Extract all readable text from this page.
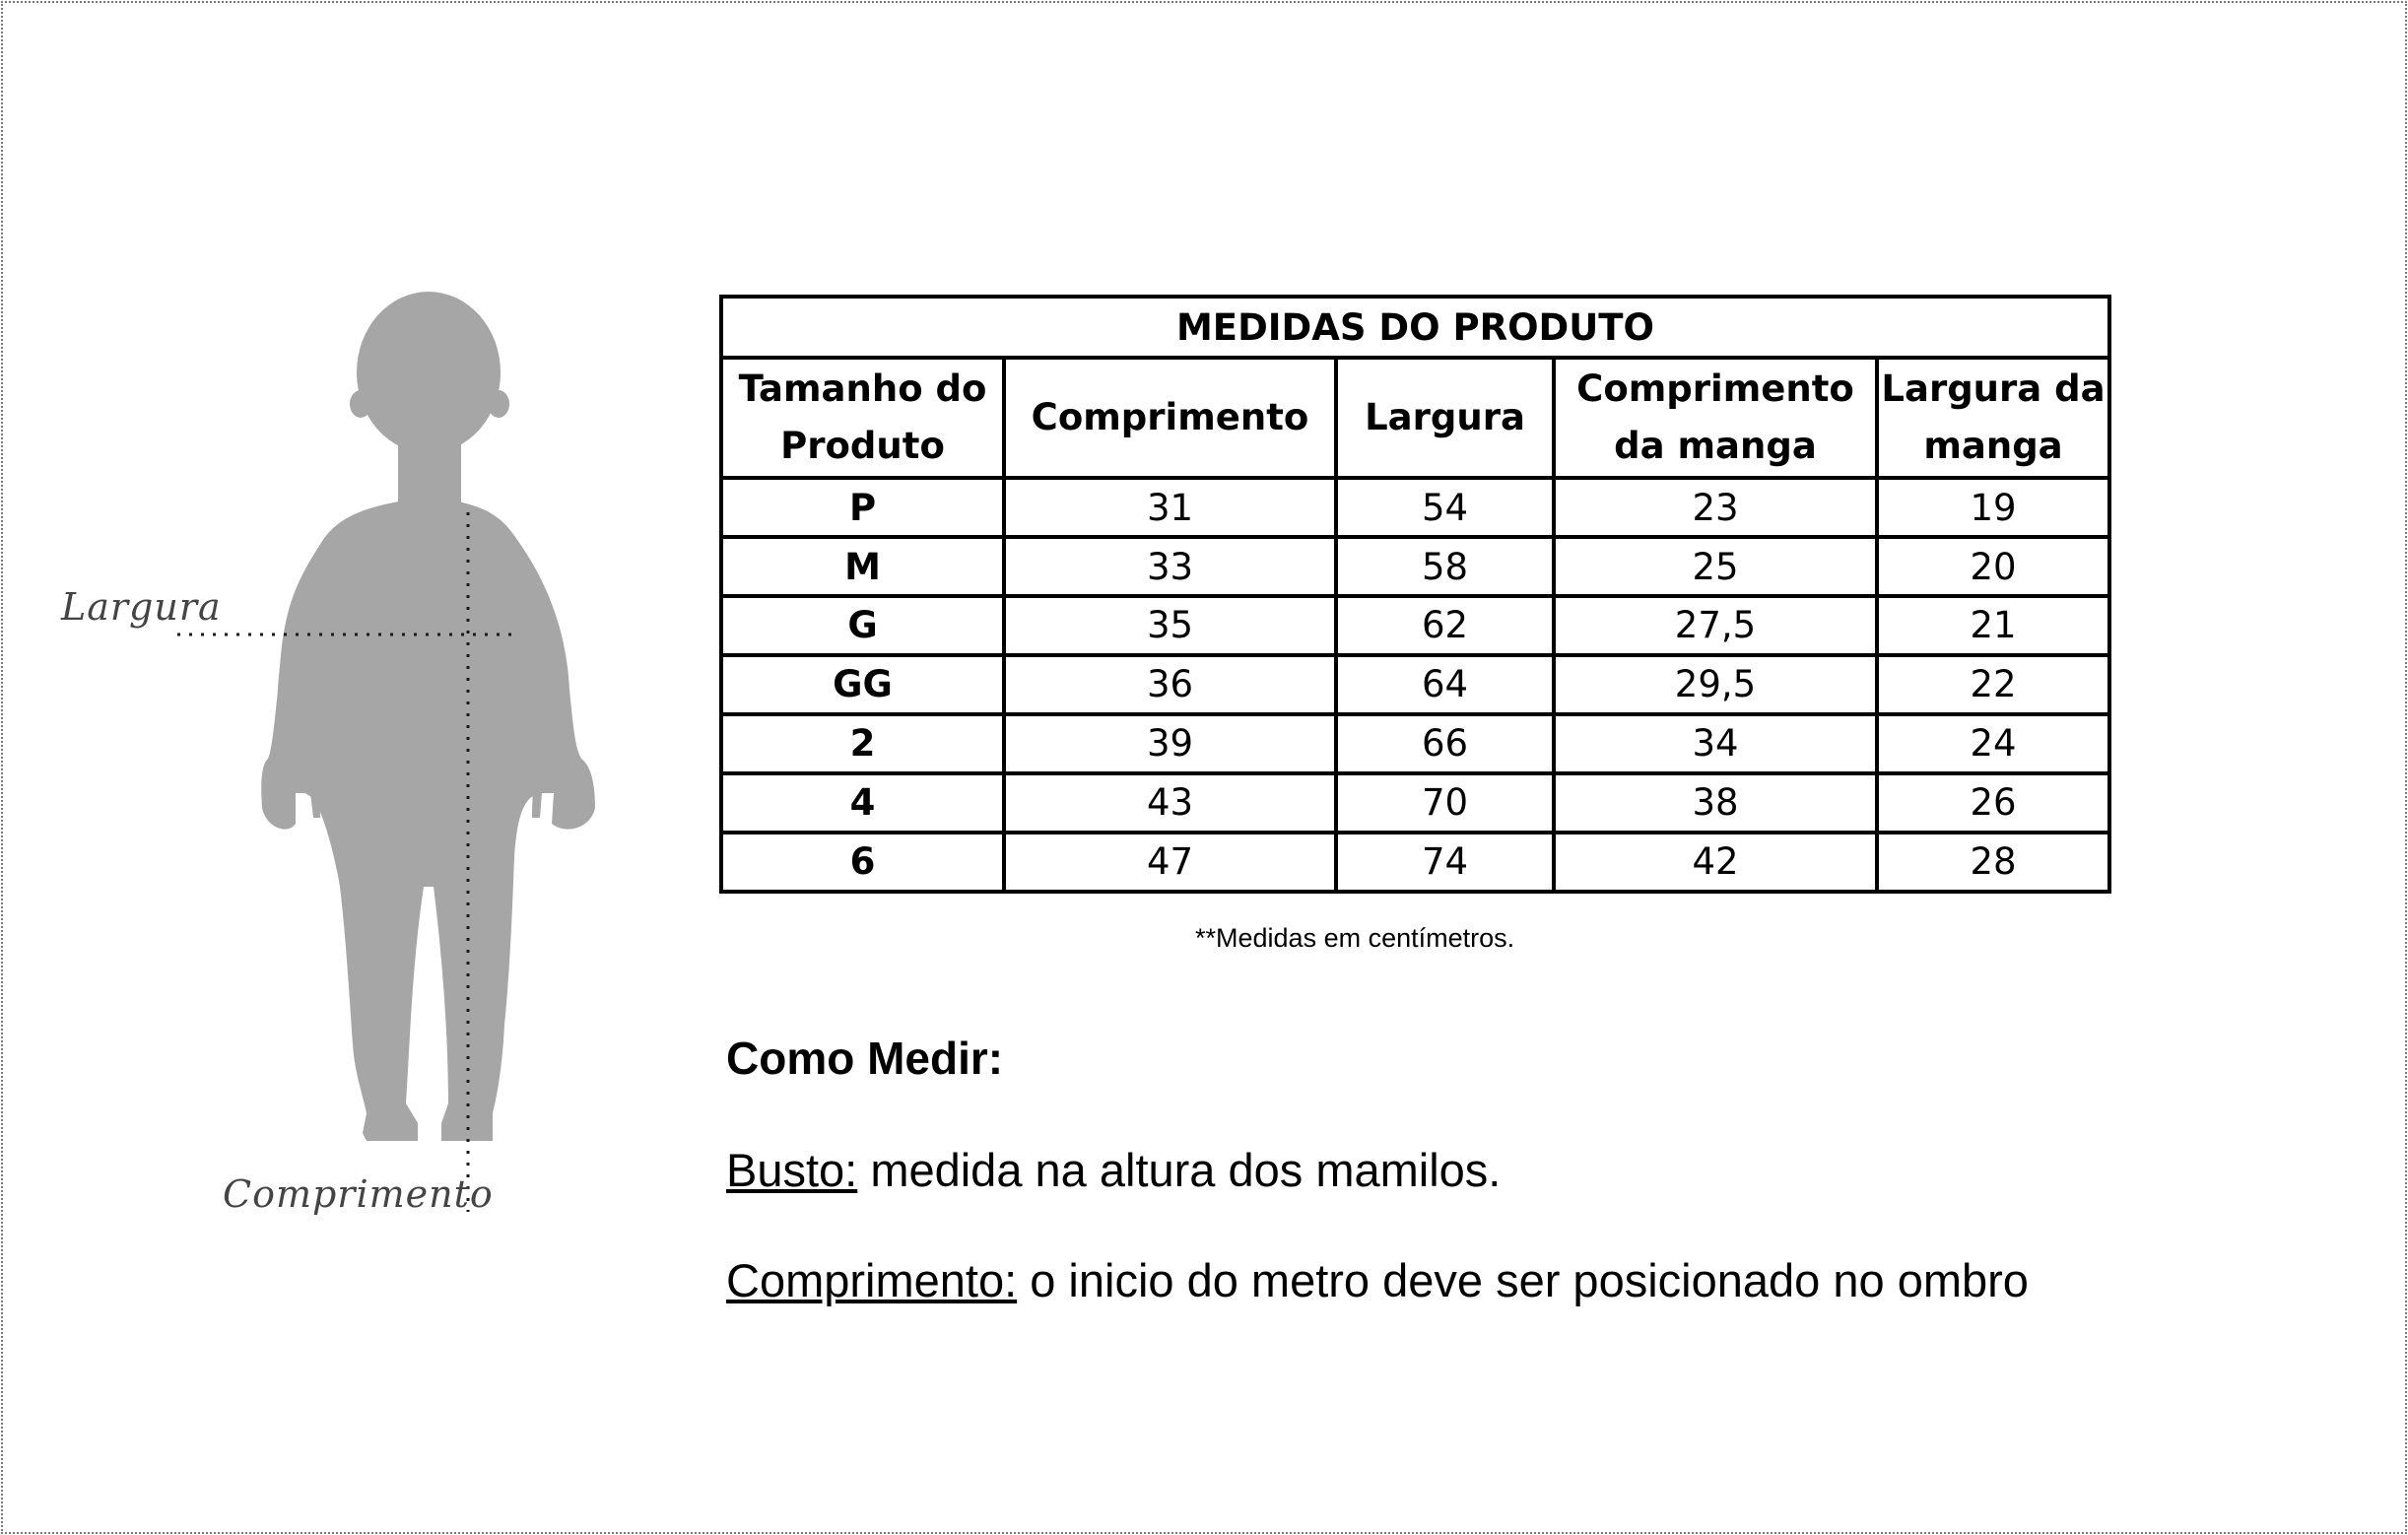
Largura
Comprimento
MEDIDAS DO PRODUTO				
Tamanho do Produto	Comprimento	Largura	Comprimento da manga	Largura da manga
P	31	54	23	19
M	33	58	25	20
G	35	62	27,5	21
GG	36	64	29,5	22
2	39	66	34	24
4	43	70	38	26
6	47	74	42	28
**Medidas em centímetros.
Como Medir:
Busto: medida na altura dos mamilos.
Comprimento: o inicio do metro deve ser posicionado no ombro
